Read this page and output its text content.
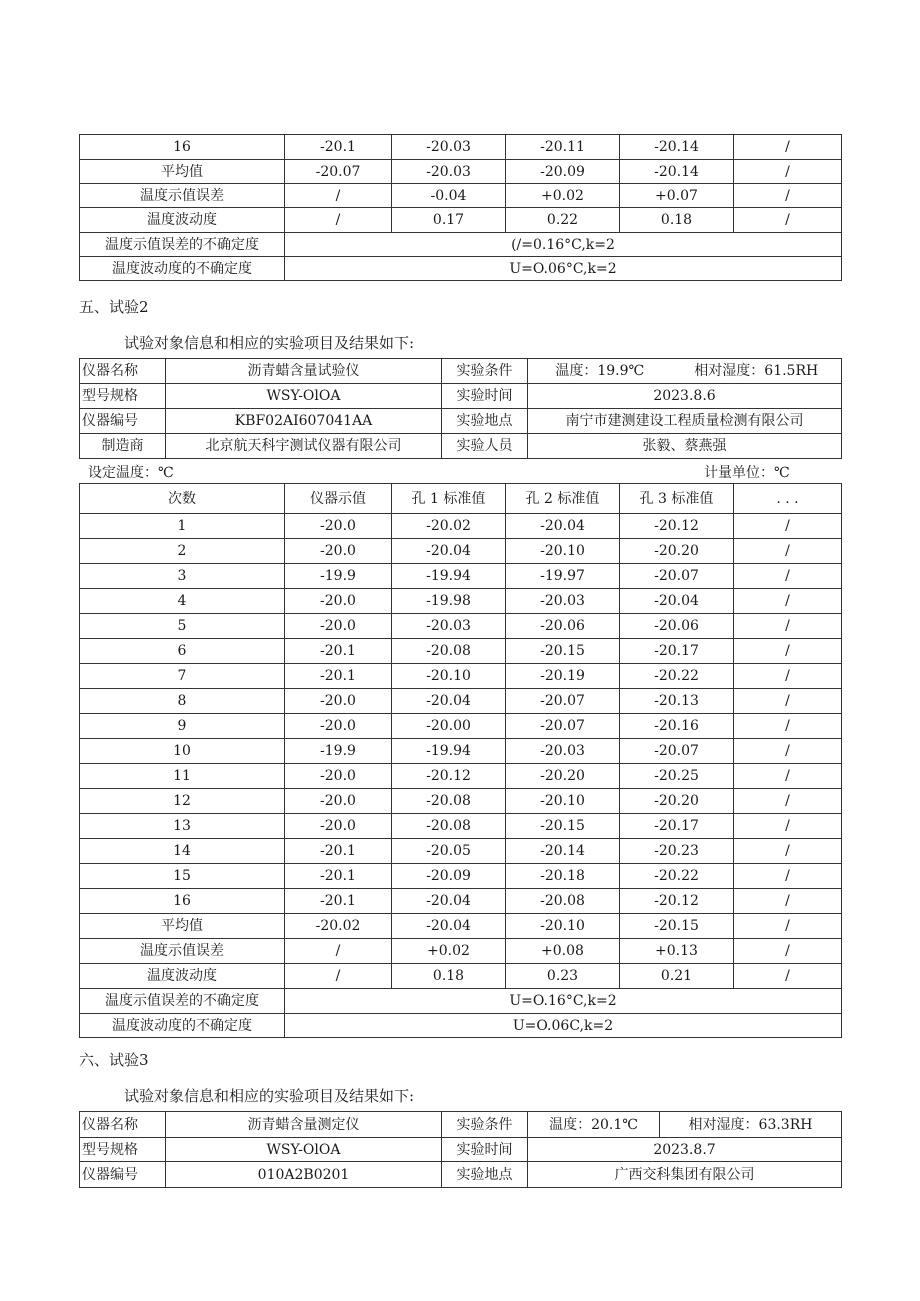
16	-20.1	-20.03	-20.11	-20.14	/
平均值	-20.07	-20.03	-20.09	-20.14	/
温度示值误差	/	-0.04	+0.02	+0.07	/
温度波动度	/	0.17	0.22	0.18	/
温度示值误差的不确定度	(/=0.16°C,k=2				
温度波动度的不确定度	U=O.06°C,k=2				
五、试验2
试验对象信息和相应的实验项目及结果如下:
仪器名称	沥青蜡含量试验仪	实验条件	温度：19.9℃	相对湿度：61.5RH
型号规格	WSY-OlOA	实验时间	2023.8.6	
仪器编号	KBF02AI607041AA	实验地点	南宁市建测建设工程质量检测有限公司	
制造商	北京航天科宇测试仪器有限公司	实验人员	张毅、蔡燕强	
设定温度：℃	计量单位：℃
次数	仪器示值	孔 1 标准值	孔 2 标准值	孔 3 标准值	. . .
1	-20.0	-20.02	-20.04	-20.12	/
2	-20.0	-20.04	-20.10	-20.20	/
3	-19.9	-19.94	-19.97	-20.07	/
4	-20.0	-19.98	-20.03	-20.04	/
5	-20.0	-20.03	-20.06	-20.06	/
6	-20.1	-20.08	-20.15	-20.17	/
7	-20.1	-20.10	-20.19	-20.22	/
8	-20.0	-20.04	-20.07	-20.13	/
9	-20.0	-20.00	-20.07	-20.16	/
10	-19.9	-19.94	-20.03	-20.07	/
11	-20.0	-20.12	-20.20	-20.25	/
12	-20.0	-20.08	-20.10	-20.20	/
13	-20.0	-20.08	-20.15	-20.17	/
14	-20.1	-20.05	-20.14	-20.23	/
15	-20.1	-20.09	-20.18	-20.22	/
16	-20.1	-20.04	-20.08	-20.12	/
平均值	-20.02	-20.04	-20.10	-20.15	/
温度示值误差	/	+0.02	+0.08	+0.13	/
温度波动度	/	0.18	0.23	0.21	/
温度示值误差的不确定度	U=O.16°C,k=2				
温度波动度的不确定度	U=O.06C,k=2				
六、试验3
试验对象信息和相应的实验项目及结果如下:
仪器名称	沥青蜡含量测定仪	实验条件	温度：20.1℃	相对湿度：63.3RH
型号规格	WSY-OlOA	实验时间	2023.8.7	
仪器编号	010A2B0201	实验地点	广西交科集团有限公司	
